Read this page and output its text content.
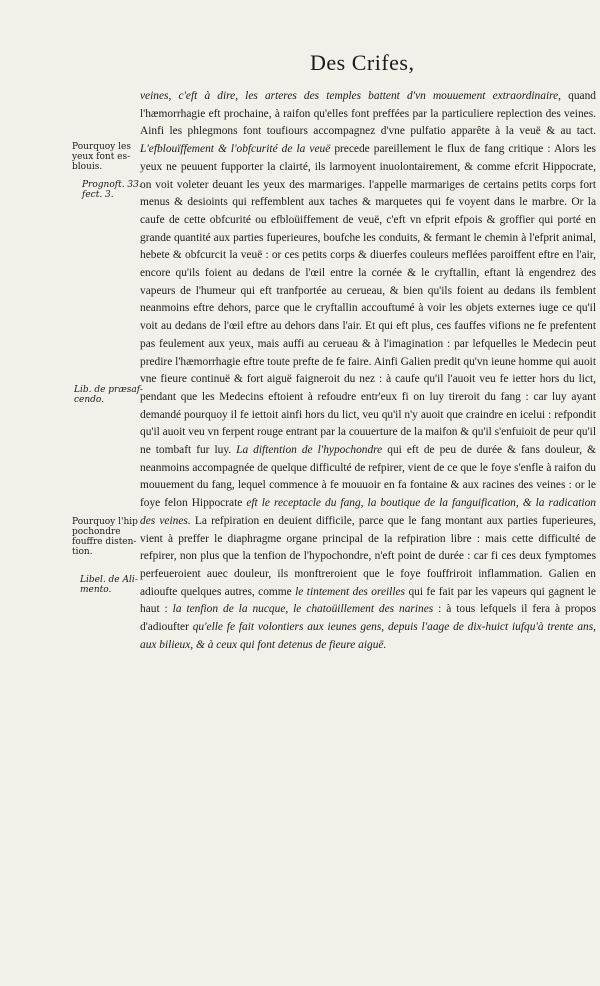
Des Crifes,

Pourquoy les yeux font es-blouis.

Prognoft. 33. fect. 3.

Lib. de præsaf-cendo.

Pourquoy l'hip pochondre fouffre disten-tion.

Libel. de Ali-mento.

veines, c'eft à dire, les arteres des temples battent d'vn mouuement extraordinaire, quand l'hæmorrhagie eft prochaine, à raifon qu'elles font preffées par la particuliere replection des veines. Ainfi les phlegmons font toufiours accompagnez d'vne pulfatio apparête à la veuë & au tact. L'efblouïffement & l'obfcurité de la veuë precede pareillement le flux de fang critique : Alors les yeux ne peuuent fupporter la clairté, ils larmoyent inuolontairement, & comme efcrit Hippocrate, on voit voleter deuant les yeux des marmariges. l'appelle marmariges de certains petits corps fort menus & desioints qui reffemblent aux taches & marquetes qui fe voyent dans le marbre. Or la caufe de cette obfcurité ou efbloüiffement de veuë, c'eft vn efprit efpois & groffier qui porté en grande quantité aux parties fuperieures, boufche les conduits, & fermant le chemin à l'efprit animal, hebete & obfcurcit la veuë : or ces petits corps & diuerfes couleurs meflées paroiffent eftre en l'air, encore qu'ils foient au dedans de l'œil entre la cornée & le cryftallin, eftant là engendrez des vapeurs de l'humeur qui eft tranfportée au cerueau, & bien qu'ils foient au dedans ils femblent neanmoins eftre dehors, parce que le cryftallin accouftumé à voir les objets externes iuge ce qu'il voit au dedans de l'œil eftre au dehors dans l'air. Et qui eft plus, ces fauffes vifions ne fe prefentent pas feulement aux yeux, mais auffi au cerueau & à l'imagination : par lefquelles le Medecin peut predire l'hæmorrhagie eftre toute prefte de fe faire. Ainfi Galien predit qu'vn ieune homme qui auoit vne fieure continuë & fort aiguë faigneroit du nez : à caufe qu'il l'auoit veu fe ietter hors du lict, pendant que les Medecins eftoient à refoudre entr'eux fi on luy tireroit du fang : car luy ayant demandé pourquoy il fe iettoit ainfi hors du lict, veu qu'il n'y auoit que craindre en icelui : refpondit qu'il auoit veu vn ferpent rouge entrant par la couuerture de la maifon & qu'il s'enfuioit de peur qu'il ne tombaft fur luy. La diftention de l'hypochondre qui eft de peu de durée & fans douleur, & neanmoins accompagnée de quelque difficulté de refpirer, vient de ce que le foye s'enfle à raifon du mouuement du fang, lequel commence à fe mouuoir en fa fontaine & aux racines des veines : or le foye felon Hippocrate eft le receptacle du fang, la boutique de la fanguification, & la radication des veines. La refpiration en deuient difficile, parce que le fang montant aux parties fuperieures, vient à preffer le diaphragme organe principal de la refpiration libre : mais cette difficulté de refpirer, non plus que la tenfion de l'hypochondre, n'eft point de durée : car fi ces deux fymptomes perfeueroient auec douleur, ils monftreroient que le foye fouffriroit inflammation. Galien en adioufte quelques autres, comme le tintement des oreilles qui fe fait par les vapeurs qui gagnent le haut : la tenfion de la nucque, le chatoüillement des narines : à tous lefquels il fera à propos d'adioufter qu'elle fe fait volontiers aux ieunes gens, depuis l'aage de dix-huict iufqu'à trente ans, aux bilieux, & à ceux qui font detenus de fieure aiguë.
